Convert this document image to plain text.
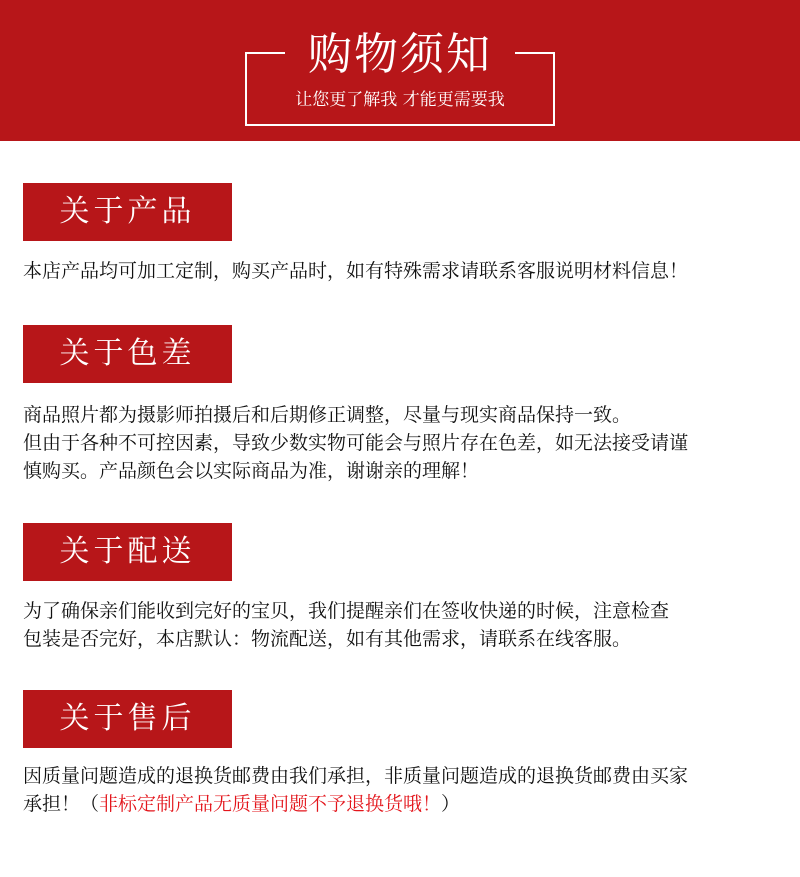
购物须知
让您更了解我 才能更需要我
关于产品
本店产品均可加工定制，购买产品时，如有特殊需求请联系客服说明材料信息！
关于色差
商品照片都为摄影师拍摄后和后期修正调整，尽量与现实商品保持一致。
但由于各种不可控因素，导致少数实物可能会与照片存在色差，如无法接受请谨
慎购买。产品颜色会以实际商品为准，谢谢亲的理解！
关于配送
为了确保亲们能收到完好的宝贝，我们提醒亲们在签收快递的时候，注意检查
包装是否完好，本店默认：物流配送，如有其他需求，请联系在线客服。
关于售后
因质量问题造成的退换货邮费由我们承担，非质量问题造成的退换货邮费由买家
承担！（非标定制产品无质量问题不予退换货哦！）
